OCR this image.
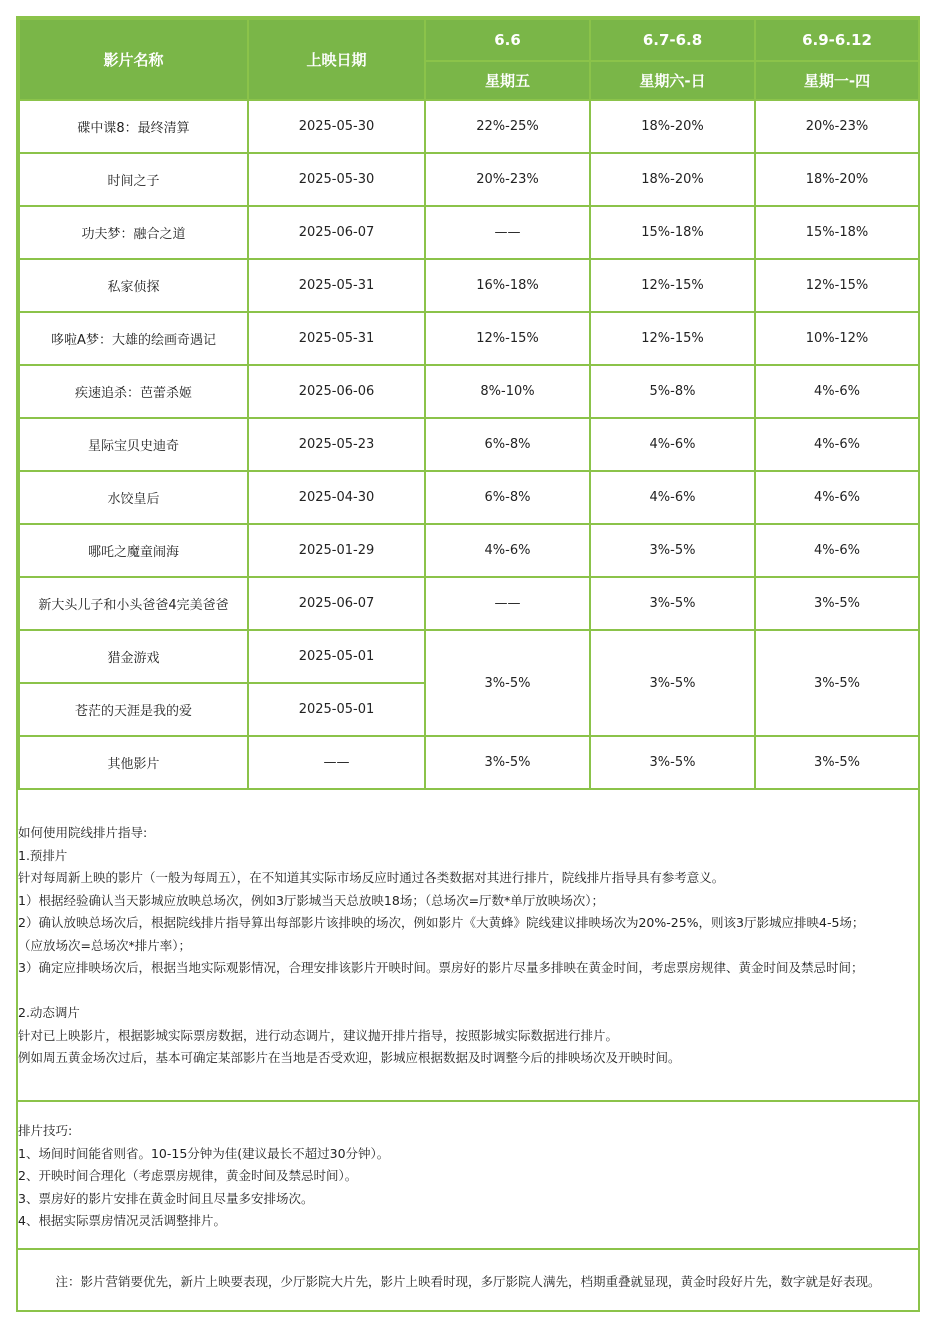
影片名称	上映日期	6.6	6.7-6.8	6.9-6.12
		星期五	星期六-日	星期一-四
碟中谍8：最终清算	2025-05-30	22%-25%	18%-20%	20%-23%
时间之子	2025-05-30	20%-23%	18%-20%	18%-20%
功夫梦：融合之道	2025-06-07	——	15%-18%	15%-18%
私家侦探	2025-05-31	16%-18%	12%-15%	12%-15%
哆啦A梦：大雄的绘画奇遇记	2025-05-31	12%-15%	12%-15%	10%-12%
疾速追杀：芭蕾杀姬	2025-06-06	8%-10%	5%-8%	4%-6%
星际宝贝史迪奇	2025-05-23	6%-8%	4%-6%	4%-6%
水饺皇后	2025-04-30	6%-8%	4%-6%	4%-6%
哪吒之魔童闹海	2025-01-29	4%-6%	3%-5%	4%-6%
新大头儿子和小头爸爸4完美爸爸	2025-06-07	——	3%-5%	3%-5%
猎金游戏	2025-05-01	3%-5%	3%-5%	3%-5%
苍茫的天涯是我的爱	2025-05-01			
其他影片	——	3%-5%	3%-5%	3%-5%

如何使用院线排片指导:

1.预排片

针对每周新上映的影片（一般为每周五），在不知道其实际市场反应时通过各类数据对其进行排片，院线排片指导具有参考意义。

1）根据经验确认当天影城应放映总场次，例如3厅影城当天总放映18场；（总场次=厅数*单厅放映场次）；

2）确认放映总场次后，根据院线排片指导算出每部影片该排映的场次，例如影片《大黄蜂》院线建议排映场次为20%-25%，则该3厅影城应排映4-5场；

（应放场次=总场次*排片率）；

3）确定应排映场次后，根据当地实际观影情况，合理安排该影片开映时间。票房好的影片尽量多排映在黄金时间，考虑票房规律、黄金时间及禁忌时间；

2.动态调片

针对已上映影片，根据影城实际票房数据，进行动态调片，建议抛开排片指导，按照影城实际数据进行排片。

例如周五黄金场次过后，基本可确定某部影片在当地是否受欢迎，影城应根据数据及时调整今后的排映场次及开映时间。

排片技巧:

1、场间时间能省则省。10-15分钟为佳(建议最长不超过30分钟）。

2、开映时间合理化（考虑票房规律，黄金时间及禁忌时间）。

3、票房好的影片安排在黄金时间且尽量多安排场次。

4、根据实际票房情况灵活调整排片。

注：影片营销要优先，新片上映要表现，少厅影院大片先，影片上映看时现，多厅影院人满先，档期重叠就显现，黄金时段好片先，数字就是好表现。
